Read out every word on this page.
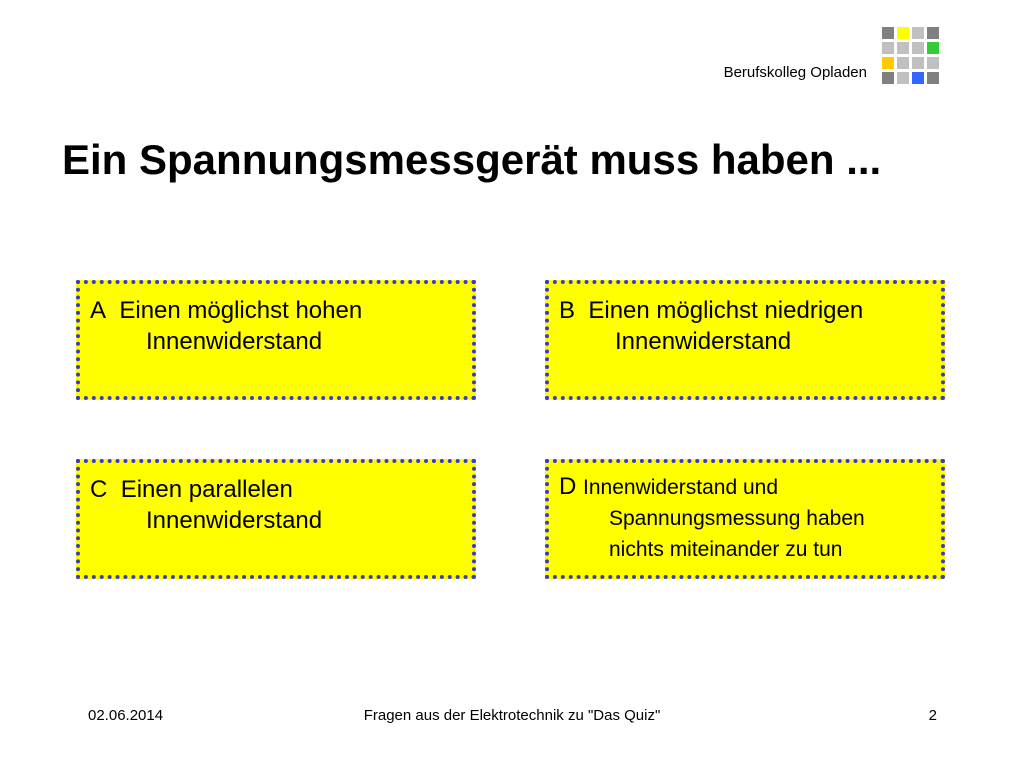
Berufskolleg Opladen
Ein Spannungsmessgerät muss haben ...
A Einen möglichst hohen
Innenwiderstand
B Einen möglichst niedrigen
Innenwiderstand
C Einen parallelen
Innenwiderstand
D Innenwiderstand und
Spannungsmessung haben
nichts miteinander zu tun
02.06.2014	Fragen aus der Elektrotechnik zu "Das Quiz"	2
